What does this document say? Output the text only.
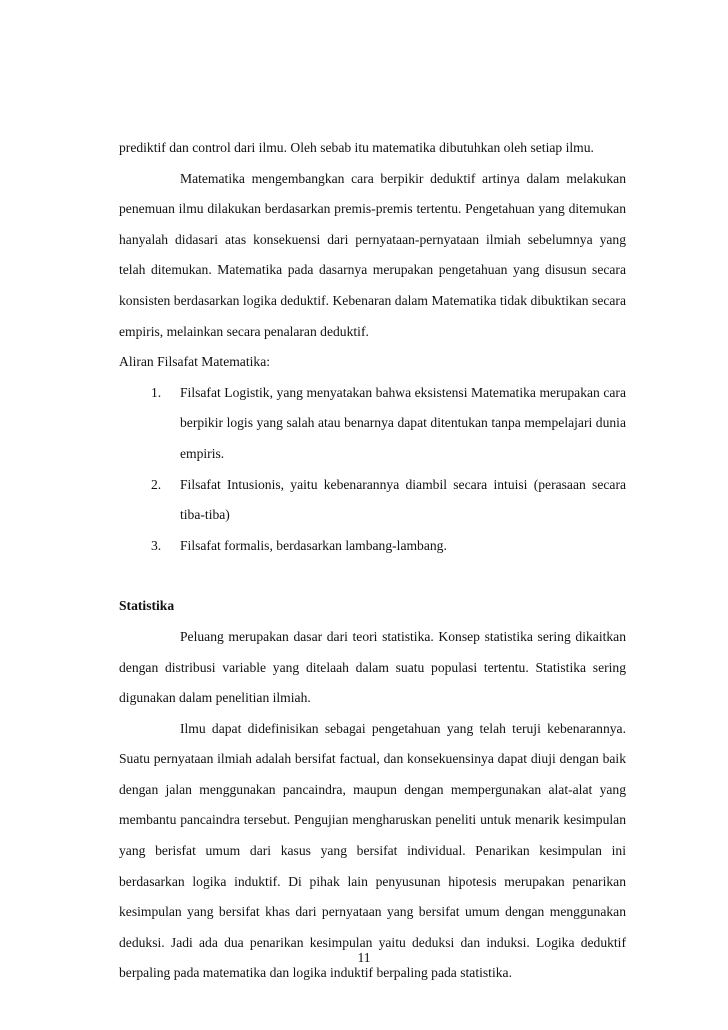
prediktif dan control dari ilmu. Oleh sebab itu matematika dibutuhkan oleh setiap ilmu.

Matematika mengembangkan cara berpikir deduktif artinya dalam melakukan penemuan ilmu dilakukan berdasarkan premis-premis tertentu. Pengetahuan yang ditemukan hanyalah didasari atas konsekuensi dari pernyataan-pernyataan ilmiah sebelumnya yang telah ditemukan. Matematika pada dasarnya merupakan pengetahuan yang disusun secara konsisten berdasarkan logika deduktif. Kebenaran dalam Matematika tidak dibuktikan secara empiris, melainkan secara penalaran deduktif.

Aliran Filsafat Matematika:

1. Filsafat Logistik, yang menyatakan bahwa eksistensi Matematika merupakan cara berpikir logis yang salah atau benarnya dapat ditentukan tanpa mempelajari dunia empiris.
2. Filsafat Intusionis, yaitu kebenarannya diambil secara intuisi (perasaan secara tiba-tiba)
3. Filsafat formalis, berdasarkan lambang-lambang.

Statistika

Peluang merupakan dasar dari teori statistika. Konsep statistika sering dikaitkan dengan distribusi variable yang ditelaah dalam suatu populasi tertentu. Statistika sering digunakan dalam penelitian ilmiah.

Ilmu dapat didefinisikan sebagai pengetahuan yang telah teruji kebenarannya. Suatu pernyataan ilmiah adalah bersifat factual, dan konsekuensinya dapat diuji dengan baik dengan jalan menggunakan pancaindra, maupun dengan mempergunakan alat-alat yang membantu pancaindra tersebut. Pengujian mengharuskan peneliti untuk menarik kesimpulan yang berisfat umum dari kasus yang bersifat individual. Penarikan kesimpulan ini berdasarkan logika induktif. Di pihak lain penyusunan hipotesis merupakan penarikan kesimpulan yang bersifat khas dari pernyataan yang bersifat umum dengan menggunakan deduksi. Jadi ada dua penarikan kesimpulan yaitu deduksi dan induksi. Logika deduktif berpaling pada matematika dan logika induktif berpaling pada statistika.

11
